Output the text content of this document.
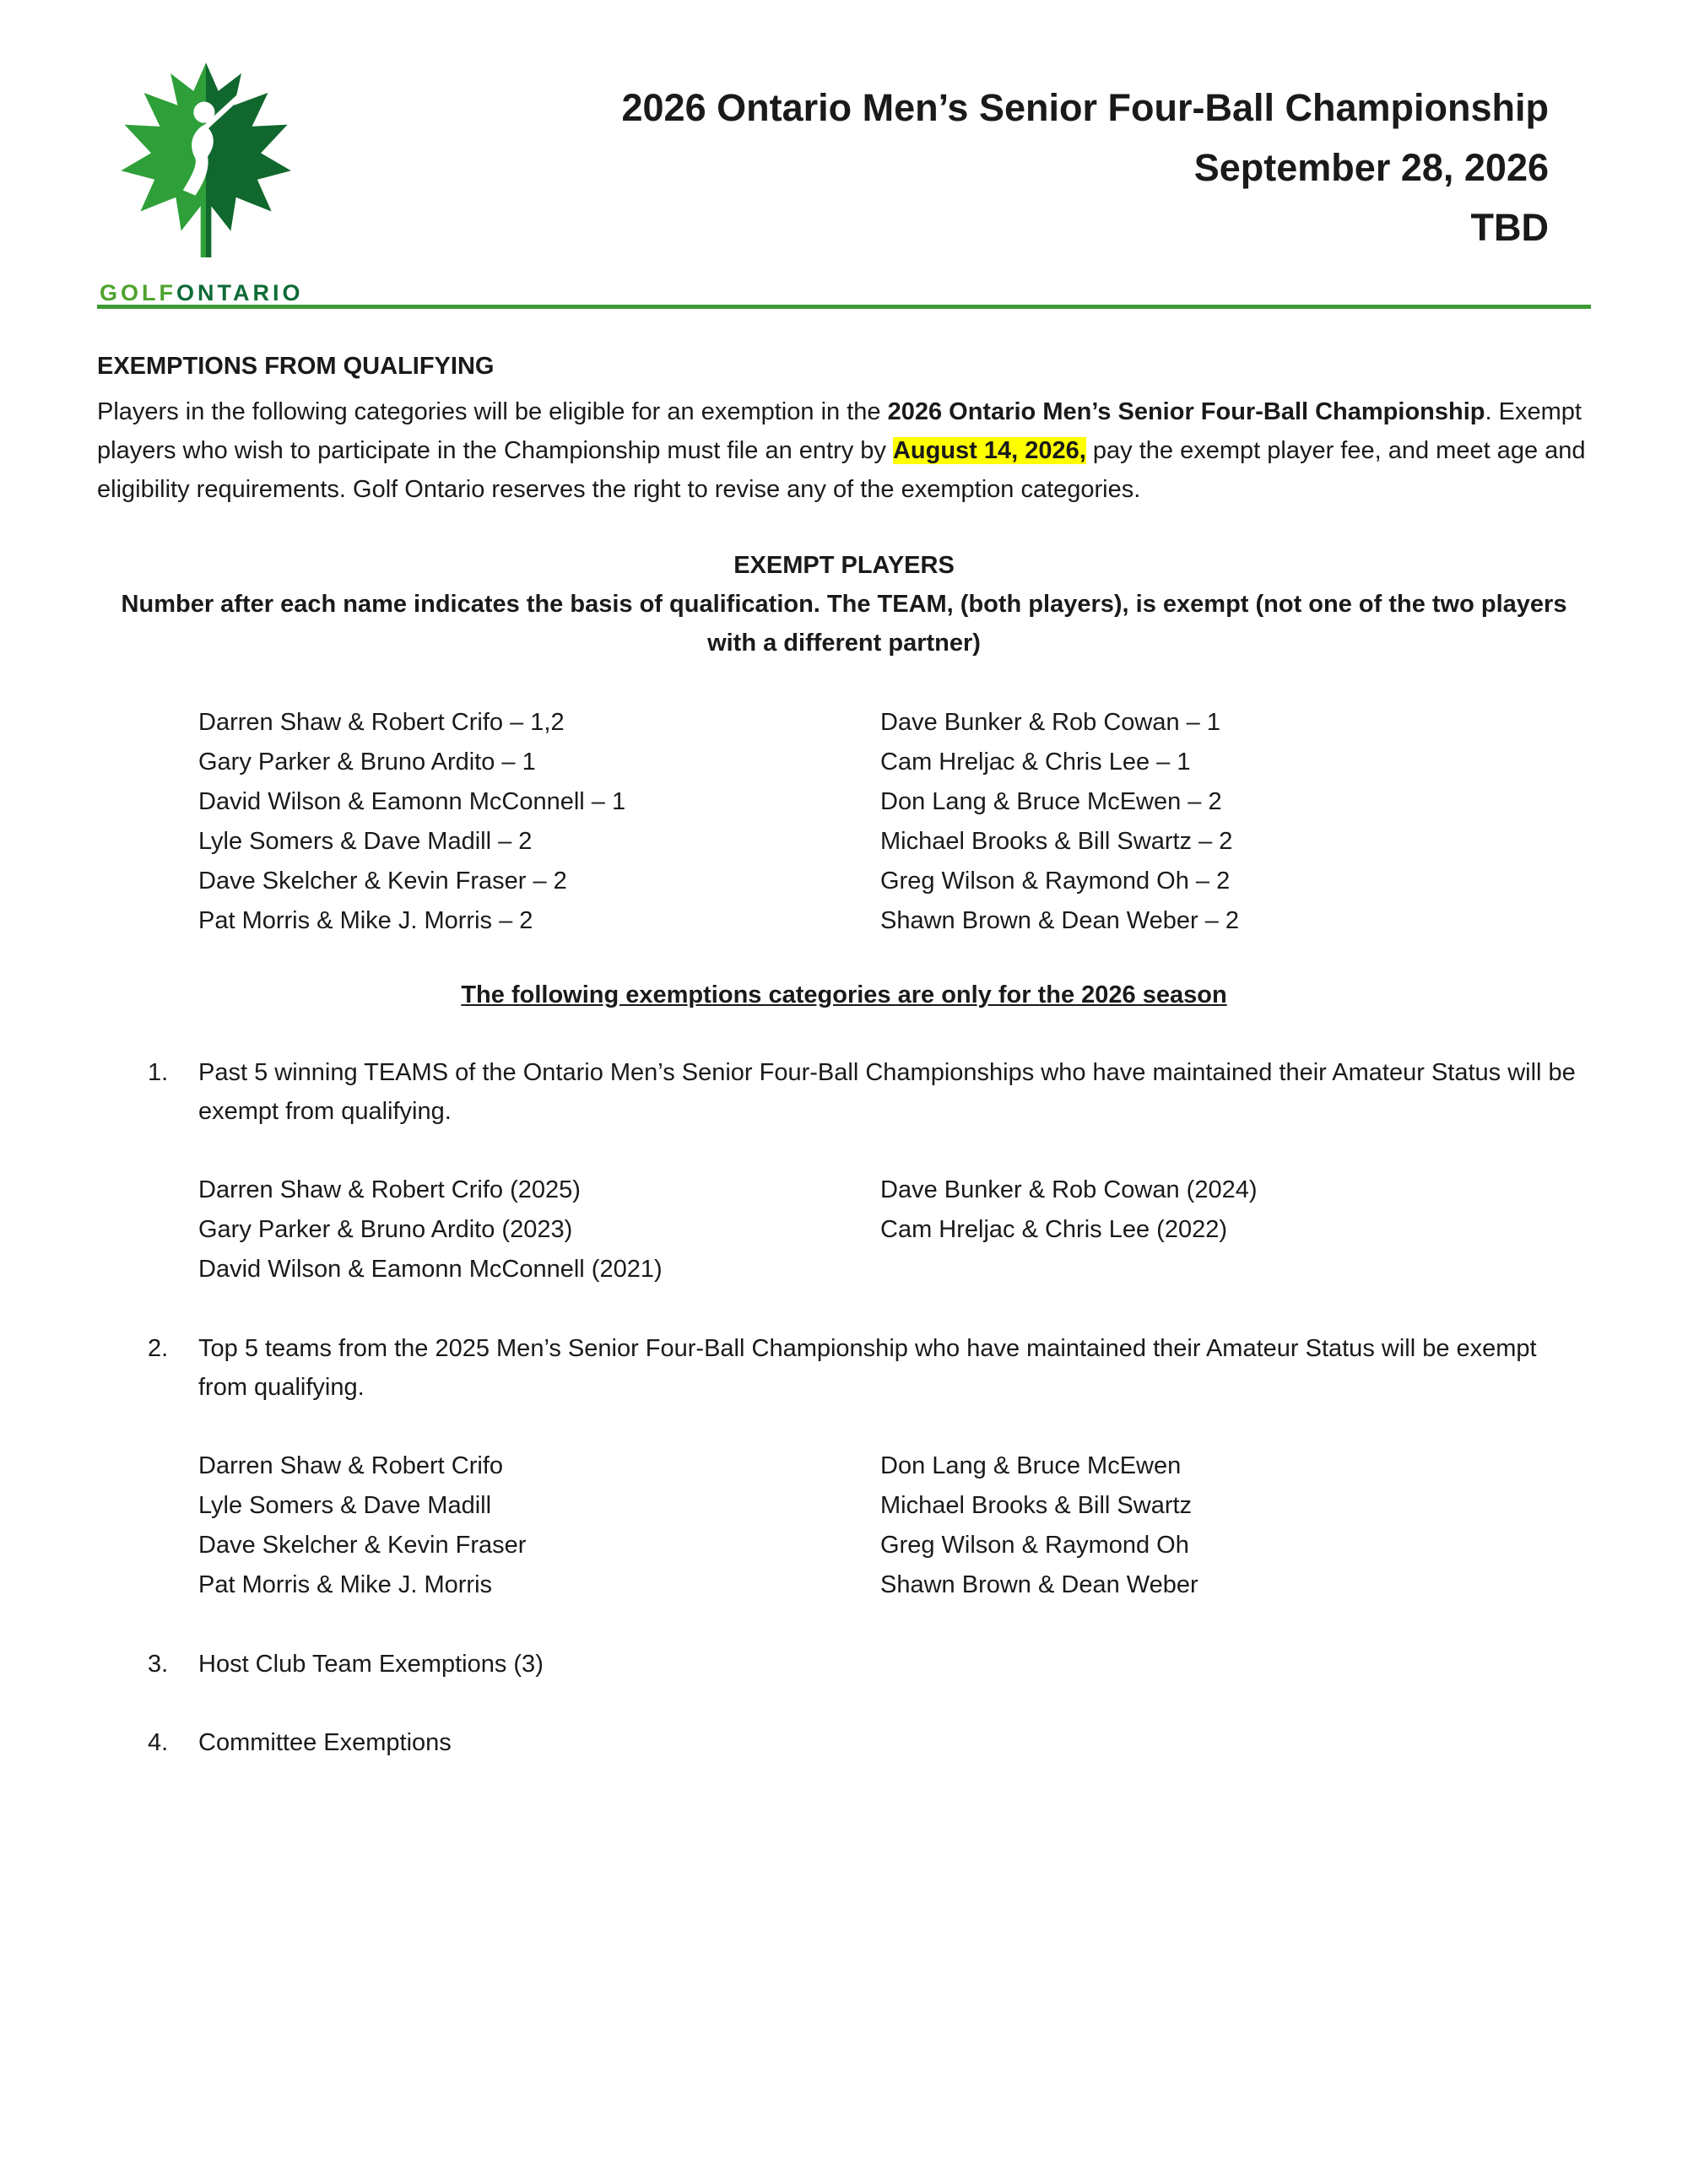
GOLFONTARIO
2026 Ontario Men’s Senior Four-Ball Championship
September 28, 2026
TBD
EXEMPTIONS FROM QUALIFYING

Players in the following categories will be eligible for an exemption in the 2026 Ontario Men’s Senior Four-Ball Championship. Exempt players who wish to participate in the Championship must file an entry by August 14, 2026, pay the exempt player fee, and meet age and eligibility requirements. Golf Ontario reserves the right to revise any of the exemption categories.

EXEMPT PLAYERS

Number after each name indicates the basis of qualification. The TEAM, (both players), is exempt (not one of the two players with a different partner)

Darren Shaw & Robert Crifo – 1,2
Gary Parker & Bruno Ardito – 1
David Wilson & Eamonn McConnell – 1
Lyle Somers & Dave Madill – 2
Dave Skelcher & Kevin Fraser – 2
Pat Morris & Mike J. Morris – 2
Dave Bunker & Rob Cowan – 1
Cam Hreljac & Chris Lee – 1
Don Lang & Bruce McEwen – 2
Michael Brooks & Bill Swartz – 2
Greg Wilson & Raymond Oh – 2
Shawn Brown & Dean Weber – 2
The following exemptions categories are only for the 2026 season
1.	Past 5 winning TEAMS of the Ontario Men’s Senior Four-Ball Championships who have maintained their Amateur Status will be exempt from qualifying.

Darren Shaw & Robert Crifo (2025)
Gary Parker & Bruno Ardito (2023)
David Wilson & Eamonn McConnell (2021)
Dave Bunker & Rob Cowan (2024)
Cam Hreljac & Chris Lee (2022)
2.	Top 5 teams from the 2025 Men’s Senior Four-Ball Championship who have maintained their Amateur Status will be exempt from qualifying.

Darren Shaw & Robert Crifo
Lyle Somers & Dave Madill
Dave Skelcher & Kevin Fraser
Pat Morris & Mike J. Morris
Don Lang & Bruce McEwen
Michael Brooks & Bill Swartz
Greg Wilson & Raymond Oh
Shawn Brown & Dean Weber
3.	Host Club Team Exemptions (3)

4.	Committee Exemptions
